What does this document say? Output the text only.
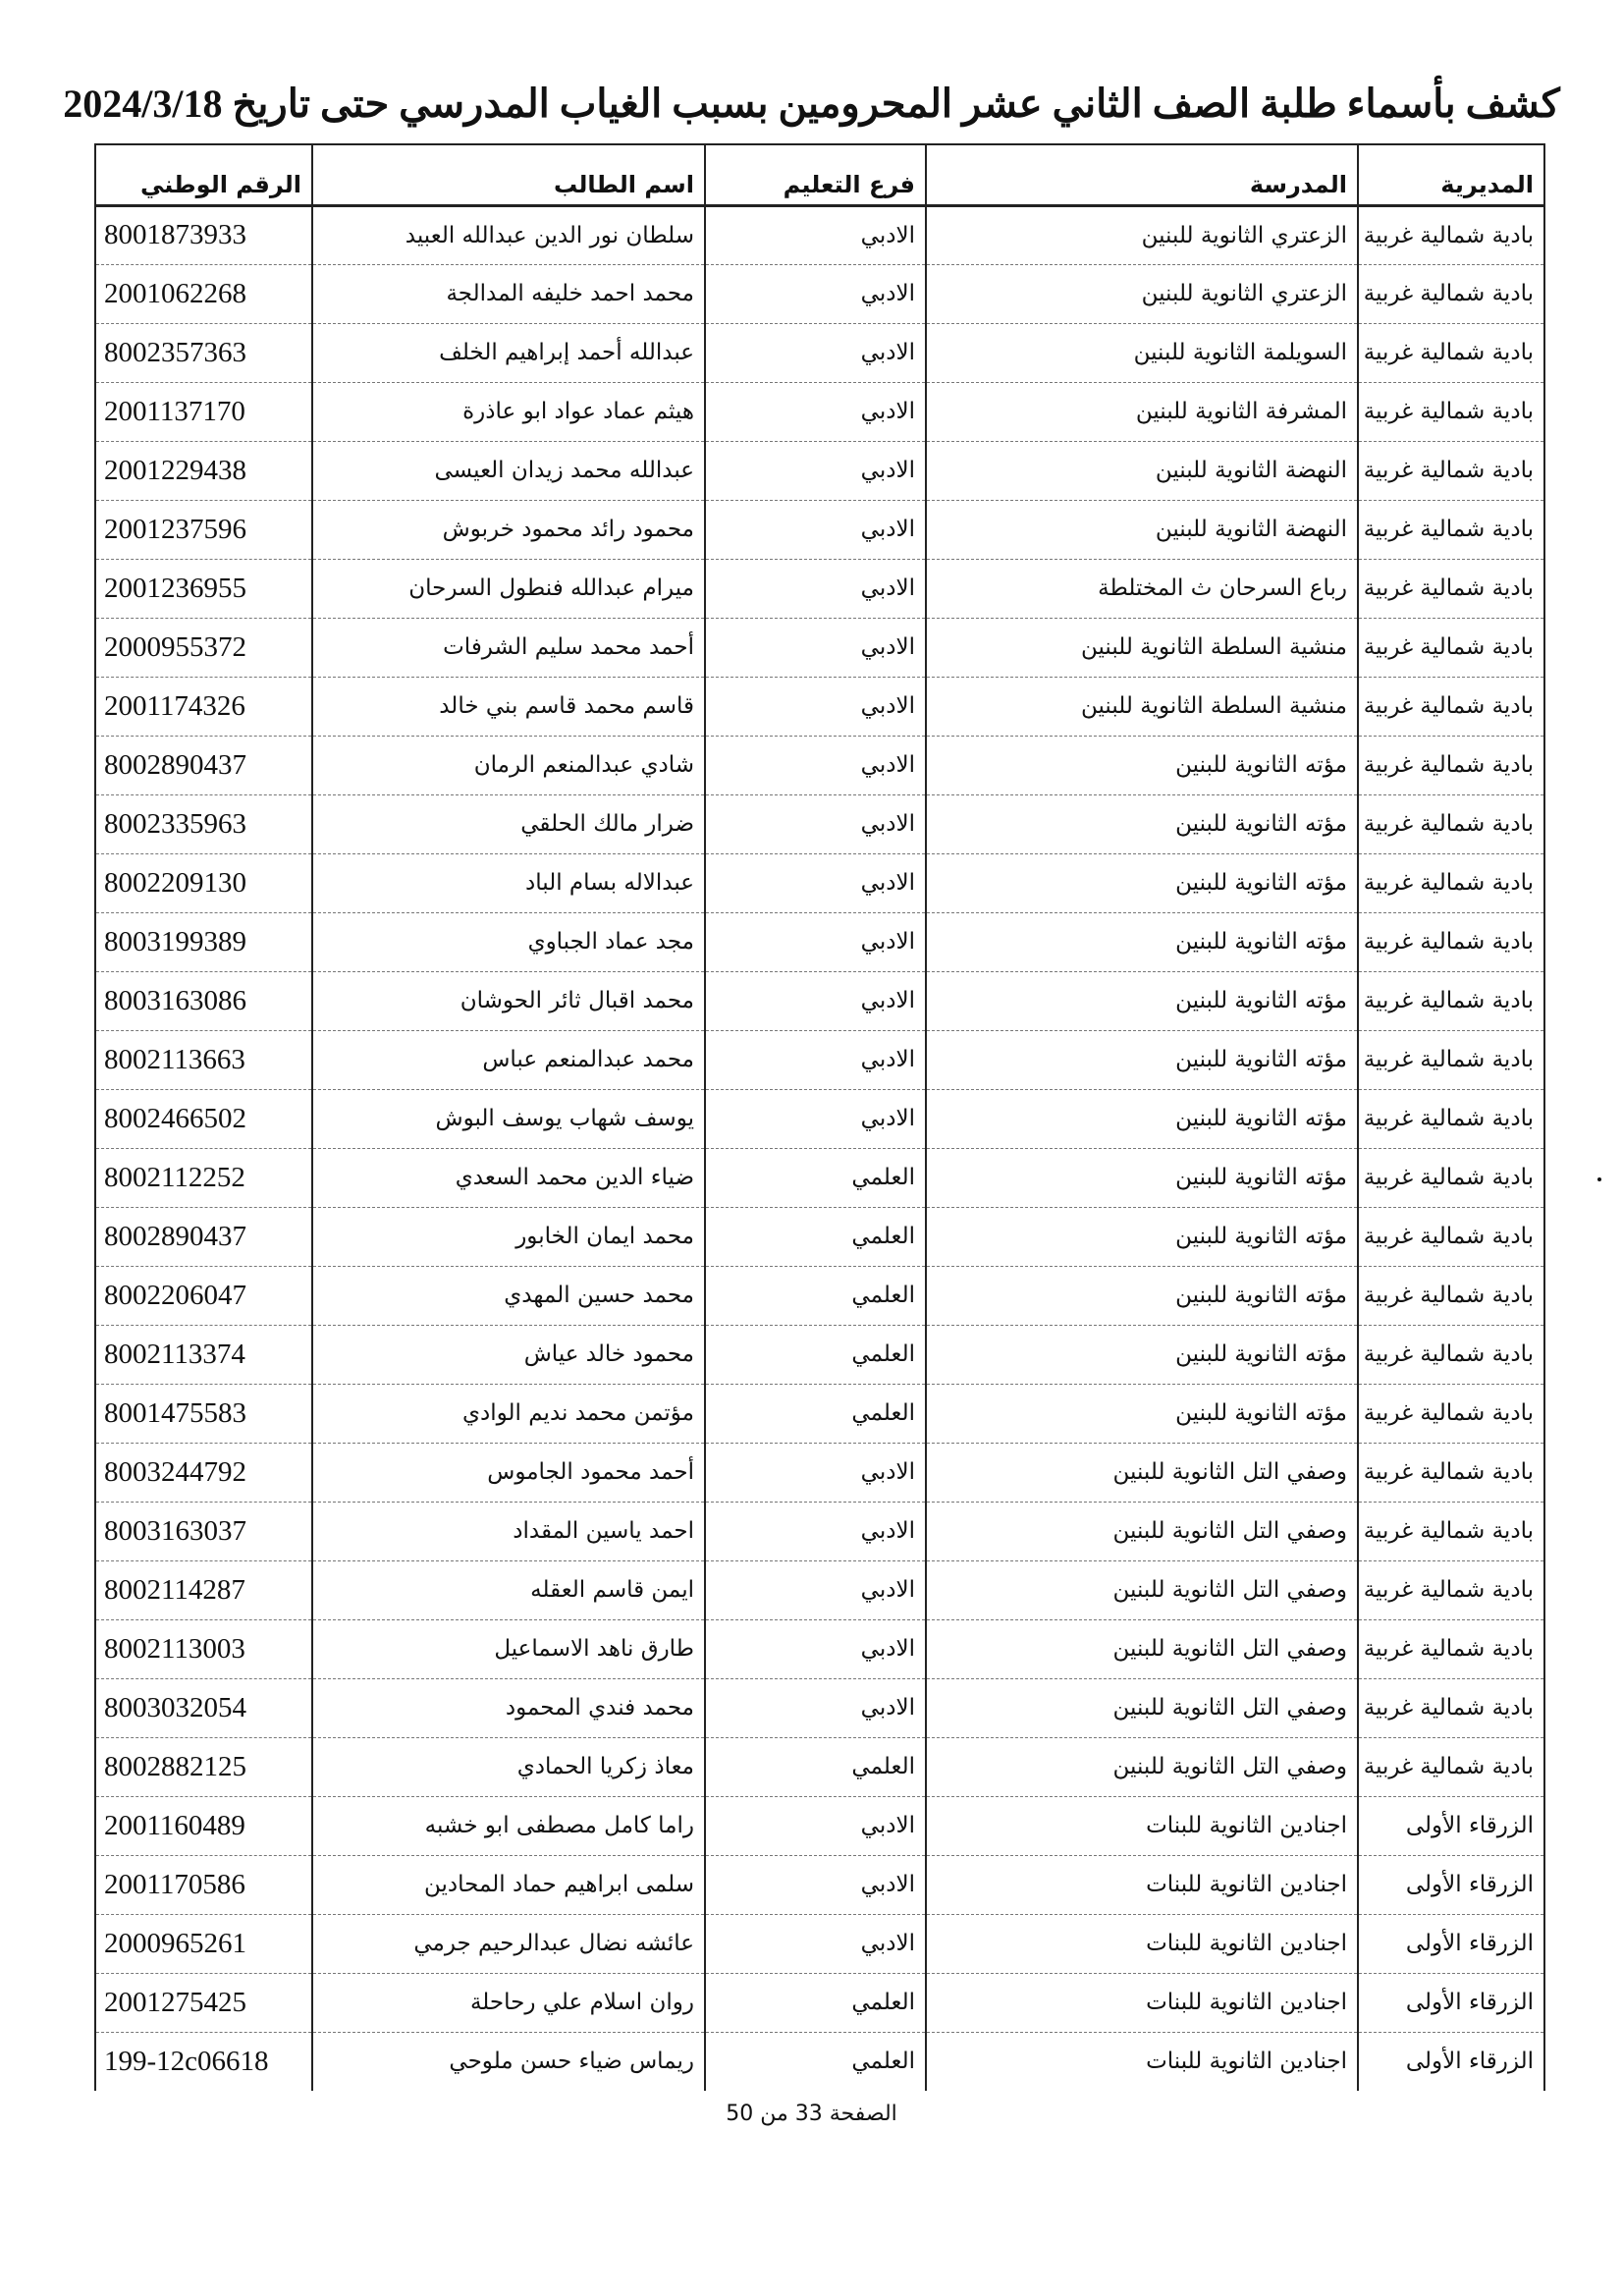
كشف بأسماء طلبة الصف الثاني عشر المحرومين بسبب الغياب المدرسي حتى تاريخ 2024/3/18
المديرية	المدرسة	فرع التعليم	اسم الطالب	الرقم الوطني
بادية شمالية غربية	الزعتري الثانوية للبنين	الادبي	سلطان نور الدين عبدالله العبيد	8001873933
بادية شمالية غربية	الزعتري الثانوية للبنين	الادبي	محمد احمد خليفه المدالجة	2001062268
بادية شمالية غربية	السويلمة الثانوية للبنين	الادبي	عبدالله أحمد إبراهيم الخلف	8002357363
بادية شمالية غربية	المشرفة الثانوية للبنين	الادبي	هيثم عماد عواد ابو عاذرة	2001137170
بادية شمالية غربية	النهضة الثانوية للبنين	الادبي	عبدالله محمد زيدان العيسى	2001229438
بادية شمالية غربية	النهضة الثانوية للبنين	الادبي	محمود رائد محمود خربوش	2001237596
بادية شمالية غربية	رباع السرحان ث المختلطة	الادبي	ميرام عبدالله فنطول السرحان	2001236955
بادية شمالية غربية	منشية السلطة الثانوية للبنين	الادبي	أحمد محمد سليم الشرفات	2000955372
بادية شمالية غربية	منشية السلطة الثانوية للبنين	الادبي	قاسم محمد قاسم بني خالد	2001174326
بادية شمالية غربية	مؤته الثانوية للبنين	الادبي	شادي عبدالمنعم الرمان	8002890437
بادية شمالية غربية	مؤته الثانوية للبنين	الادبي	ضرار مالك الحلقي	8002335963
بادية شمالية غربية	مؤته الثانوية للبنين	الادبي	عبدالاله بسام الباد	8002209130
بادية شمالية غربية	مؤته الثانوية للبنين	الادبي	مجد عماد الجباوي	8003199389
بادية شمالية غربية	مؤته الثانوية للبنين	الادبي	محمد اقبال ثائر الحوشان	8003163086
بادية شمالية غربية	مؤته الثانوية للبنين	الادبي	محمد عبدالمنعم عباس	8002113663
بادية شمالية غربية	مؤته الثانوية للبنين	الادبي	يوسف شهاب يوسف البوش	8002466502
بادية شمالية غربية	مؤته الثانوية للبنين	العلمي	ضياء الدين محمد السعدي	8002112252
بادية شمالية غربية	مؤته الثانوية للبنين	العلمي	محمد ايمان الخابور	8002890437
بادية شمالية غربية	مؤته الثانوية للبنين	العلمي	محمد حسين المهدي	8002206047
بادية شمالية غربية	مؤته الثانوية للبنين	العلمي	محمود خالد عياش	8002113374
بادية شمالية غربية	مؤته الثانوية للبنين	العلمي	مؤتمن محمد نديم الوادي	8001475583
بادية شمالية غربية	وصفي التل الثانوية للبنين	الادبي	أحمد محمود الجاموس	8003244792
بادية شمالية غربية	وصفي التل الثانوية للبنين	الادبي	احمد ياسين المقداد	8003163037
بادية شمالية غربية	وصفي التل الثانوية للبنين	الادبي	ايمن قاسم العقله	8002114287
بادية شمالية غربية	وصفي التل الثانوية للبنين	الادبي	طارق ناهد الاسماعيل	8002113003
بادية شمالية غربية	وصفي التل الثانوية للبنين	الادبي	محمد فندي المحمود	8003032054
بادية شمالية غربية	وصفي التل الثانوية للبنين	العلمي	معاذ زكريا الحمادي	8002882125
الزرقاء الأولى	اجنادين الثانوية للبنات	الادبي	راما كامل مصطفى ابو خشبه	2001160489
الزرقاء الأولى	اجنادين الثانوية للبنات	الادبي	سلمى ابراهيم حماد المحادين	2001170586
الزرقاء الأولى	اجنادين الثانوية للبنات	الادبي	عائشه نضال عبدالرحيم جرمي	2000965261
الزرقاء الأولى	اجنادين الثانوية للبنات	العلمي	روان اسلام علي رحاحلة	2001275425
الزرقاء الأولى	اجنادين الثانوية للبنات	العلمي	ريماس ضياء حسن ملوحي	199-12c06618

الصفحة 33 من 50
